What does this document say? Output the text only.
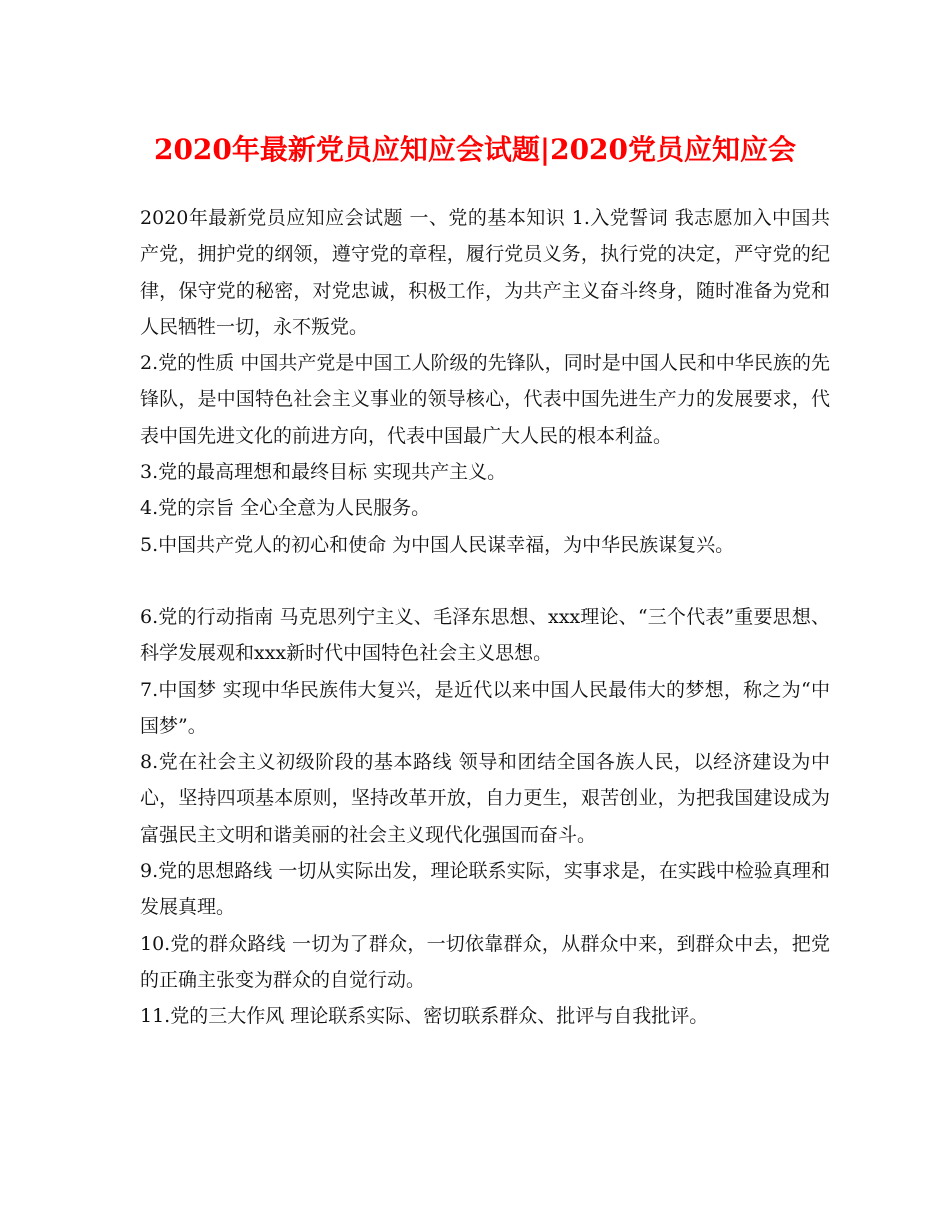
2020年最新党员应知应会试题|2020党员应知应会

2020年最新党员应知应会试题 一、党的基本知识 1.入党誓词 我志愿加入中国共产党，拥护党的纲领，遵守党的章程，履行党员义务，执行党的决定，严守党的纪律，保守党的秘密，对党忠诚，积极工作，为共产主义奋斗终身，随时准备为党和人民牺牲一切，永不叛党。

2.党的性质 中国共产党是中国工人阶级的先锋队，同时是中国人民和中华民族的先锋队，是中国特色社会主义事业的领导核心，代表中国先进生产力的发展要求，代表中国先进文化的前进方向，代表中国最广大人民的根本利益。

3.党的最高理想和最终目标 实现共产主义。

4.党的宗旨 全心全意为人民服务。

5.中国共产党人的初心和使命 为中国人民谋幸福，为中华民族谋复兴。

6.党的行动指南 马克思列宁主义、毛泽东思想、xxx理论、“三个代表”重要思想、科学发展观和xxx新时代中国特色社会主义思想。

7.中国梦 实现中华民族伟大复兴，是近代以来中国人民最伟大的梦想，称之为“中国梦”。

8.党在社会主义初级阶段的基本路线 领导和团结全国各族人民，以经济建设为中心，坚持四项基本原则，坚持改革开放，自力更生，艰苦创业，为把我国建设成为富强民主文明和谐美丽的社会主义现代化强国而奋斗。

9.党的思想路线 一切从实际出发，理论联系实际，实事求是，在实践中检验真理和发展真理。

10.党的群众路线 一切为了群众，一切依靠群众，从群众中来，到群众中去，把党的正确主张变为群众的自觉行动。

11.党的三大作风 理论联系实际、密切联系群众、批评与自我批评。
